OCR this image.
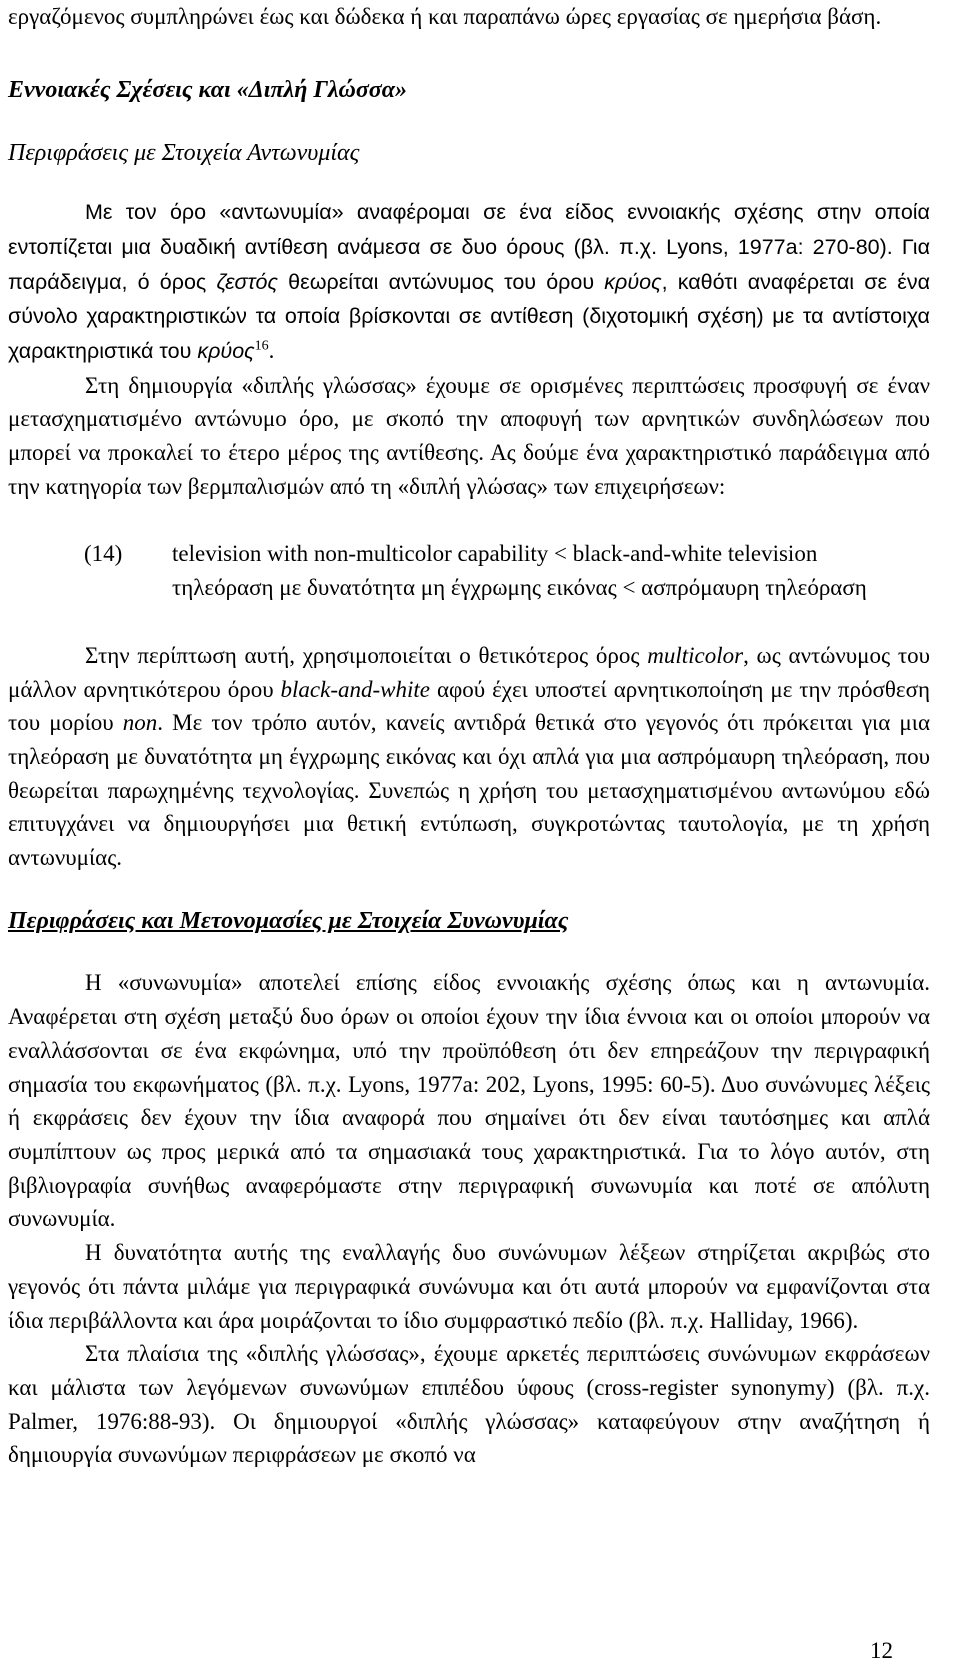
εργαζόμενος συμπληρώνει έως και δώδεκα ή και παραπάνω ώρες εργασίας σε ημερήσια βάση.

Εννοιακές Σχέσεις και «Διπλή Γλώσσα»

Περιφράσεις με Στοιχεία Αντωνυμίας

Με τον όρο «αντωνυμία» αναφέρομαι σε ένα είδος εννοιακής σχέσης στην οποία εντοπίζεται μια δυαδική αντίθεση ανάμεσα σε δυο όρους (βλ. π.χ. Lyons, 1977a: 270-80). Για παράδειγμα, ό όρος ζεστός θεωρείται αντώνυμος του όρου κρύος, καθότι αναφέρεται σε ένα σύνολο χαρακτηριστικών τα οποία βρίσκονται σε αντίθεση (διχοτομική σχέση) με τα αντίστοιχα χαρακτηριστικά του κρύος$^{16}$.

Στη δημιουργία «διπλής γλώσσας» έχουμε σε ορισμένες περιπτώσεις προσφυγή σε έναν μετασχηματισμένο αντώνυμο όρο, με σκοπό την αποφυγή των αρνητικών συνδηλώσεων που μπορεί να προκαλεί το έτερο μέρος της αντίθεσης. Ας δούμε ένα χαρακτηριστικό παράδειγμα από την κατηγορία των βερμπαλισμών από τη «διπλή γλώσας» των επιχειρήσεων:

(14)	television with non-multicolor capability < black-and-white television

τηλεόραση με δυνατότητα μη έγχρωμης εικόνας < ασπρόμαυρη τηλεόραση

Στην περίπτωση αυτή, χρησιμοποιείται ο θετικότερος όρος multicolor, ως αντώνυμος του μάλλον αρνητικότερου όρου black-and-white αφού έχει υποστεί αρνητικοποίηση με την πρόσθεση του μορίου non. Με τον τρόπο αυτόν, κανείς αντιδρά θετικά στο γεγονός ότι πρόκειται για μια τηλεόραση με δυνατότητα μη έγχρωμης εικόνας και όχι απλά για μια ασπρόμαυρη τηλεόραση, που θεωρείται παρωχημένης τεχνολογίας. Συνεπώς η χρήση του μετασχηματισμένου αντωνύμου εδώ επιτυγχάνει να δημιουργήσει μια θετική εντύπωση, συγκροτώντας ταυτολογία, με τη χρήση αντωνυμίας.

Περιφράσεις και Μετονομασίες με Στοιχεία Συνωνυμίας

Η «συνωνυμία» αποτελεί επίσης είδος εννοιακής σχέσης όπως και η αντωνυμία. Αναφέρεται στη σχέση μεταξύ δυο όρων οι οποίοι έχουν την ίδια έννοια και οι οποίοι μπορούν να εναλλάσσονται σε ένα εκφώνημα, υπό την προϋπόθεση ότι δεν επηρεάζουν την περιγραφική σημασία του εκφωνήματος (βλ. π.χ. Lyons, 1977a: 202, Lyons, 1995: 60-5). Δυο συνώνυμες λέξεις ή εκφράσεις δεν έχουν την ίδια αναφορά που σημαίνει ότι δεν είναι ταυτόσημες και απλά συμπίπτουν ως προς μερικά από τα σημασιακά τους χαρακτηριστικά. Για το λόγο αυτόν, στη βιβλιογραφία συνήθως αναφερόμαστε στην περιγραφική συνωνυμία και ποτέ σε απόλυτη συνωνυμία.

Η δυνατότητα αυτής της εναλλαγής δυο συνώνυμων λέξεων στηρίζεται ακριβώς στο γεγονός ότι πάντα μιλάμε για περιγραφικά συνώνυμα και ότι αυτά μπορούν να εμφανίζονται στα ίδια περιβάλλοντα και άρα μοιράζονται το ίδιο συμφραστικό πεδίο (βλ. π.χ. Halliday, 1966).

Στα πλαίσια της «διπλής γλώσσας», έχουμε αρκετές περιπτώσεις συνώνυμων εκφράσεων και μάλιστα των λεγόμενων συνωνύμων επιπέδου ύφους (cross-register synonymy) (βλ. π.χ. Palmer, 1976:88-93). Οι δημιουργοί «διπλής γλώσσας» καταφεύγουν στην αναζήτηση ή δημιουργία συνωνύμων περιφράσεων με σκοπό να

12
